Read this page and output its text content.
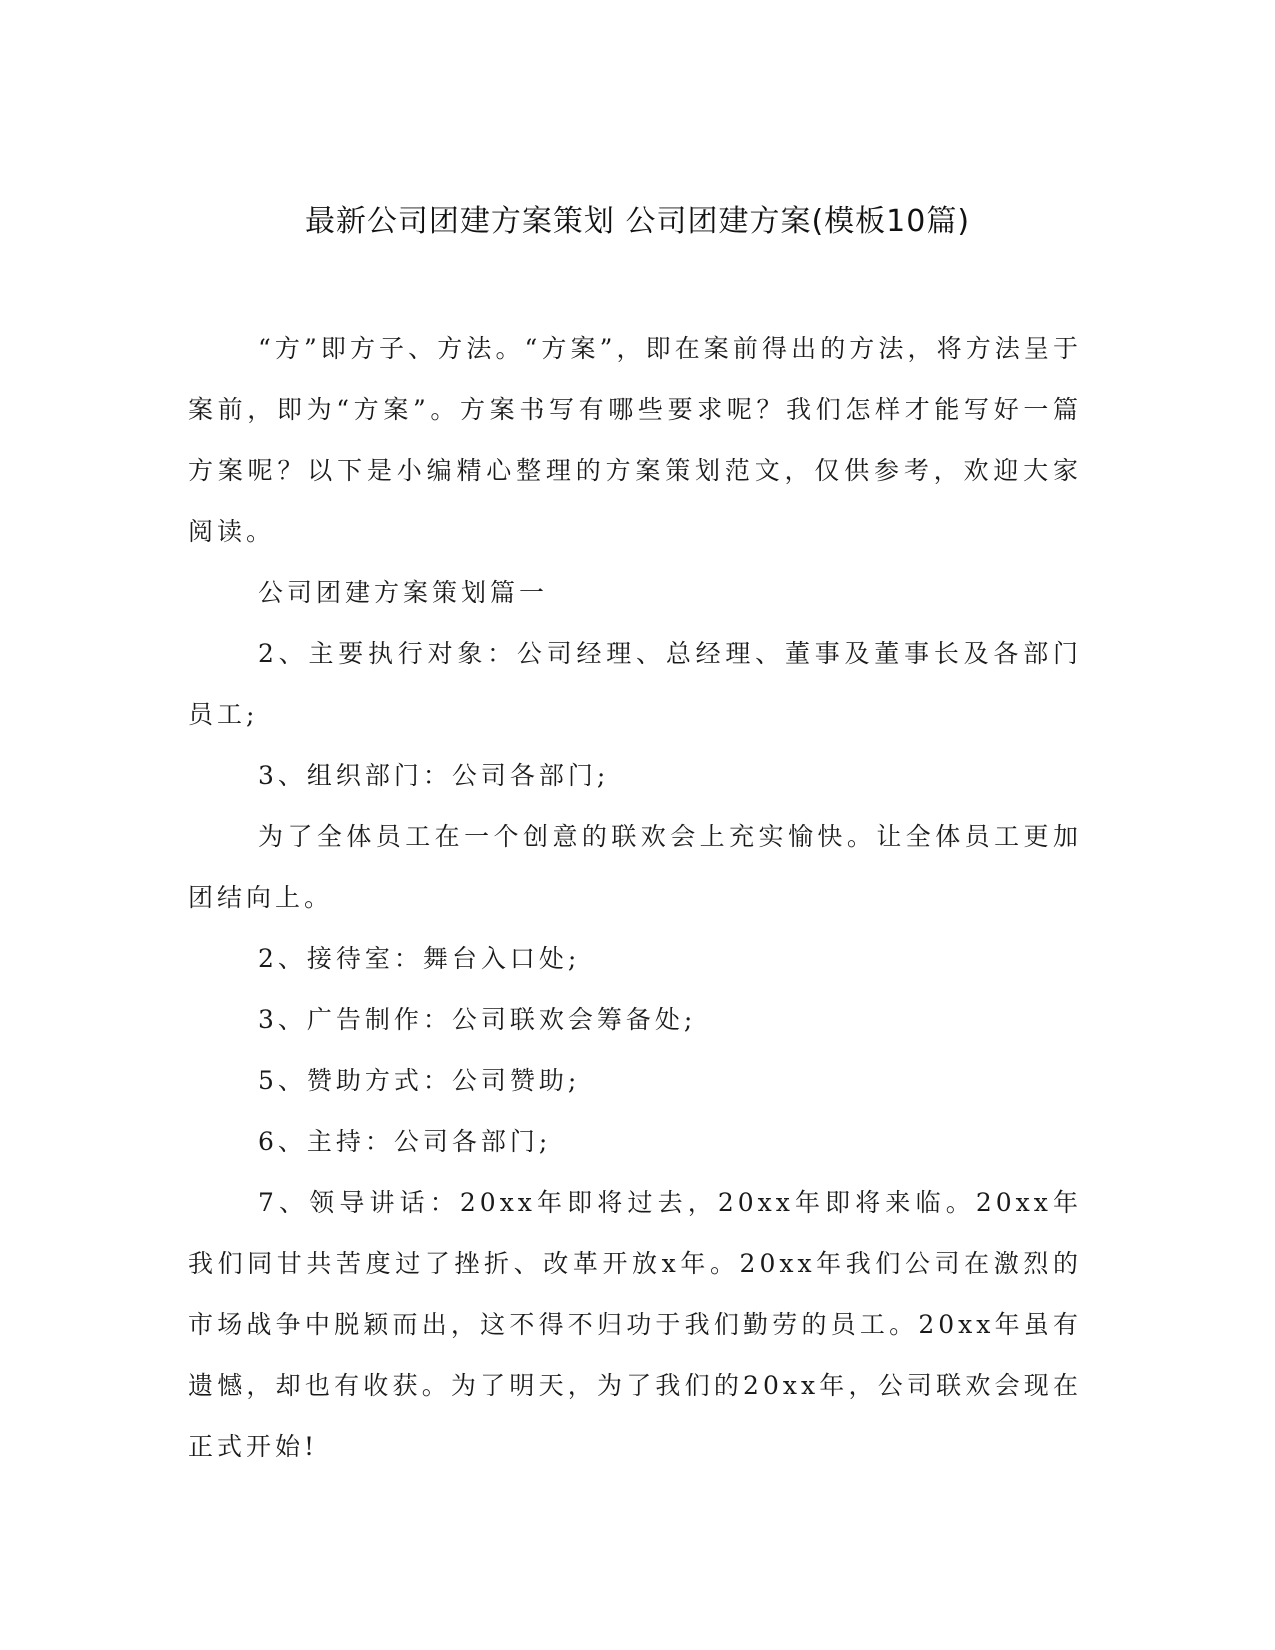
最新公司团建方案策划 公司团建方案(模板10篇)

“方”即方子、方法。“方案”，即在案前得出的方法，将方法呈于案前，即为“方案”。方案书写有哪些要求呢？我们怎样才能写好一篇方案呢？以下是小编精心整理的方案策划范文，仅供参考，欢迎大家阅读。

公司团建方案策划篇一

2、主要执行对象：公司经理、总经理、董事及董事长及各部门员工;

3、组织部门：公司各部门;

为了全体员工在一个创意的联欢会上充实愉快。让全体员工更加团结向上。

2、接待室：舞台入口处;

3、广告制作：公司联欢会筹备处;

5、赞助方式：公司赞助;

6、主持：公司各部门;

7、领导讲话：20xx年即将过去，20xx年即将来临。20xx年我们同甘共苦度过了挫折、改革开放x年。20xx年我们公司在激烈的市场战争中脱颖而出，这不得不归功于我们勤劳的员工。20xx年虽有遗憾，却也有收获。为了明天，为了我们的20xx年，公司联欢会现在正式开始!
